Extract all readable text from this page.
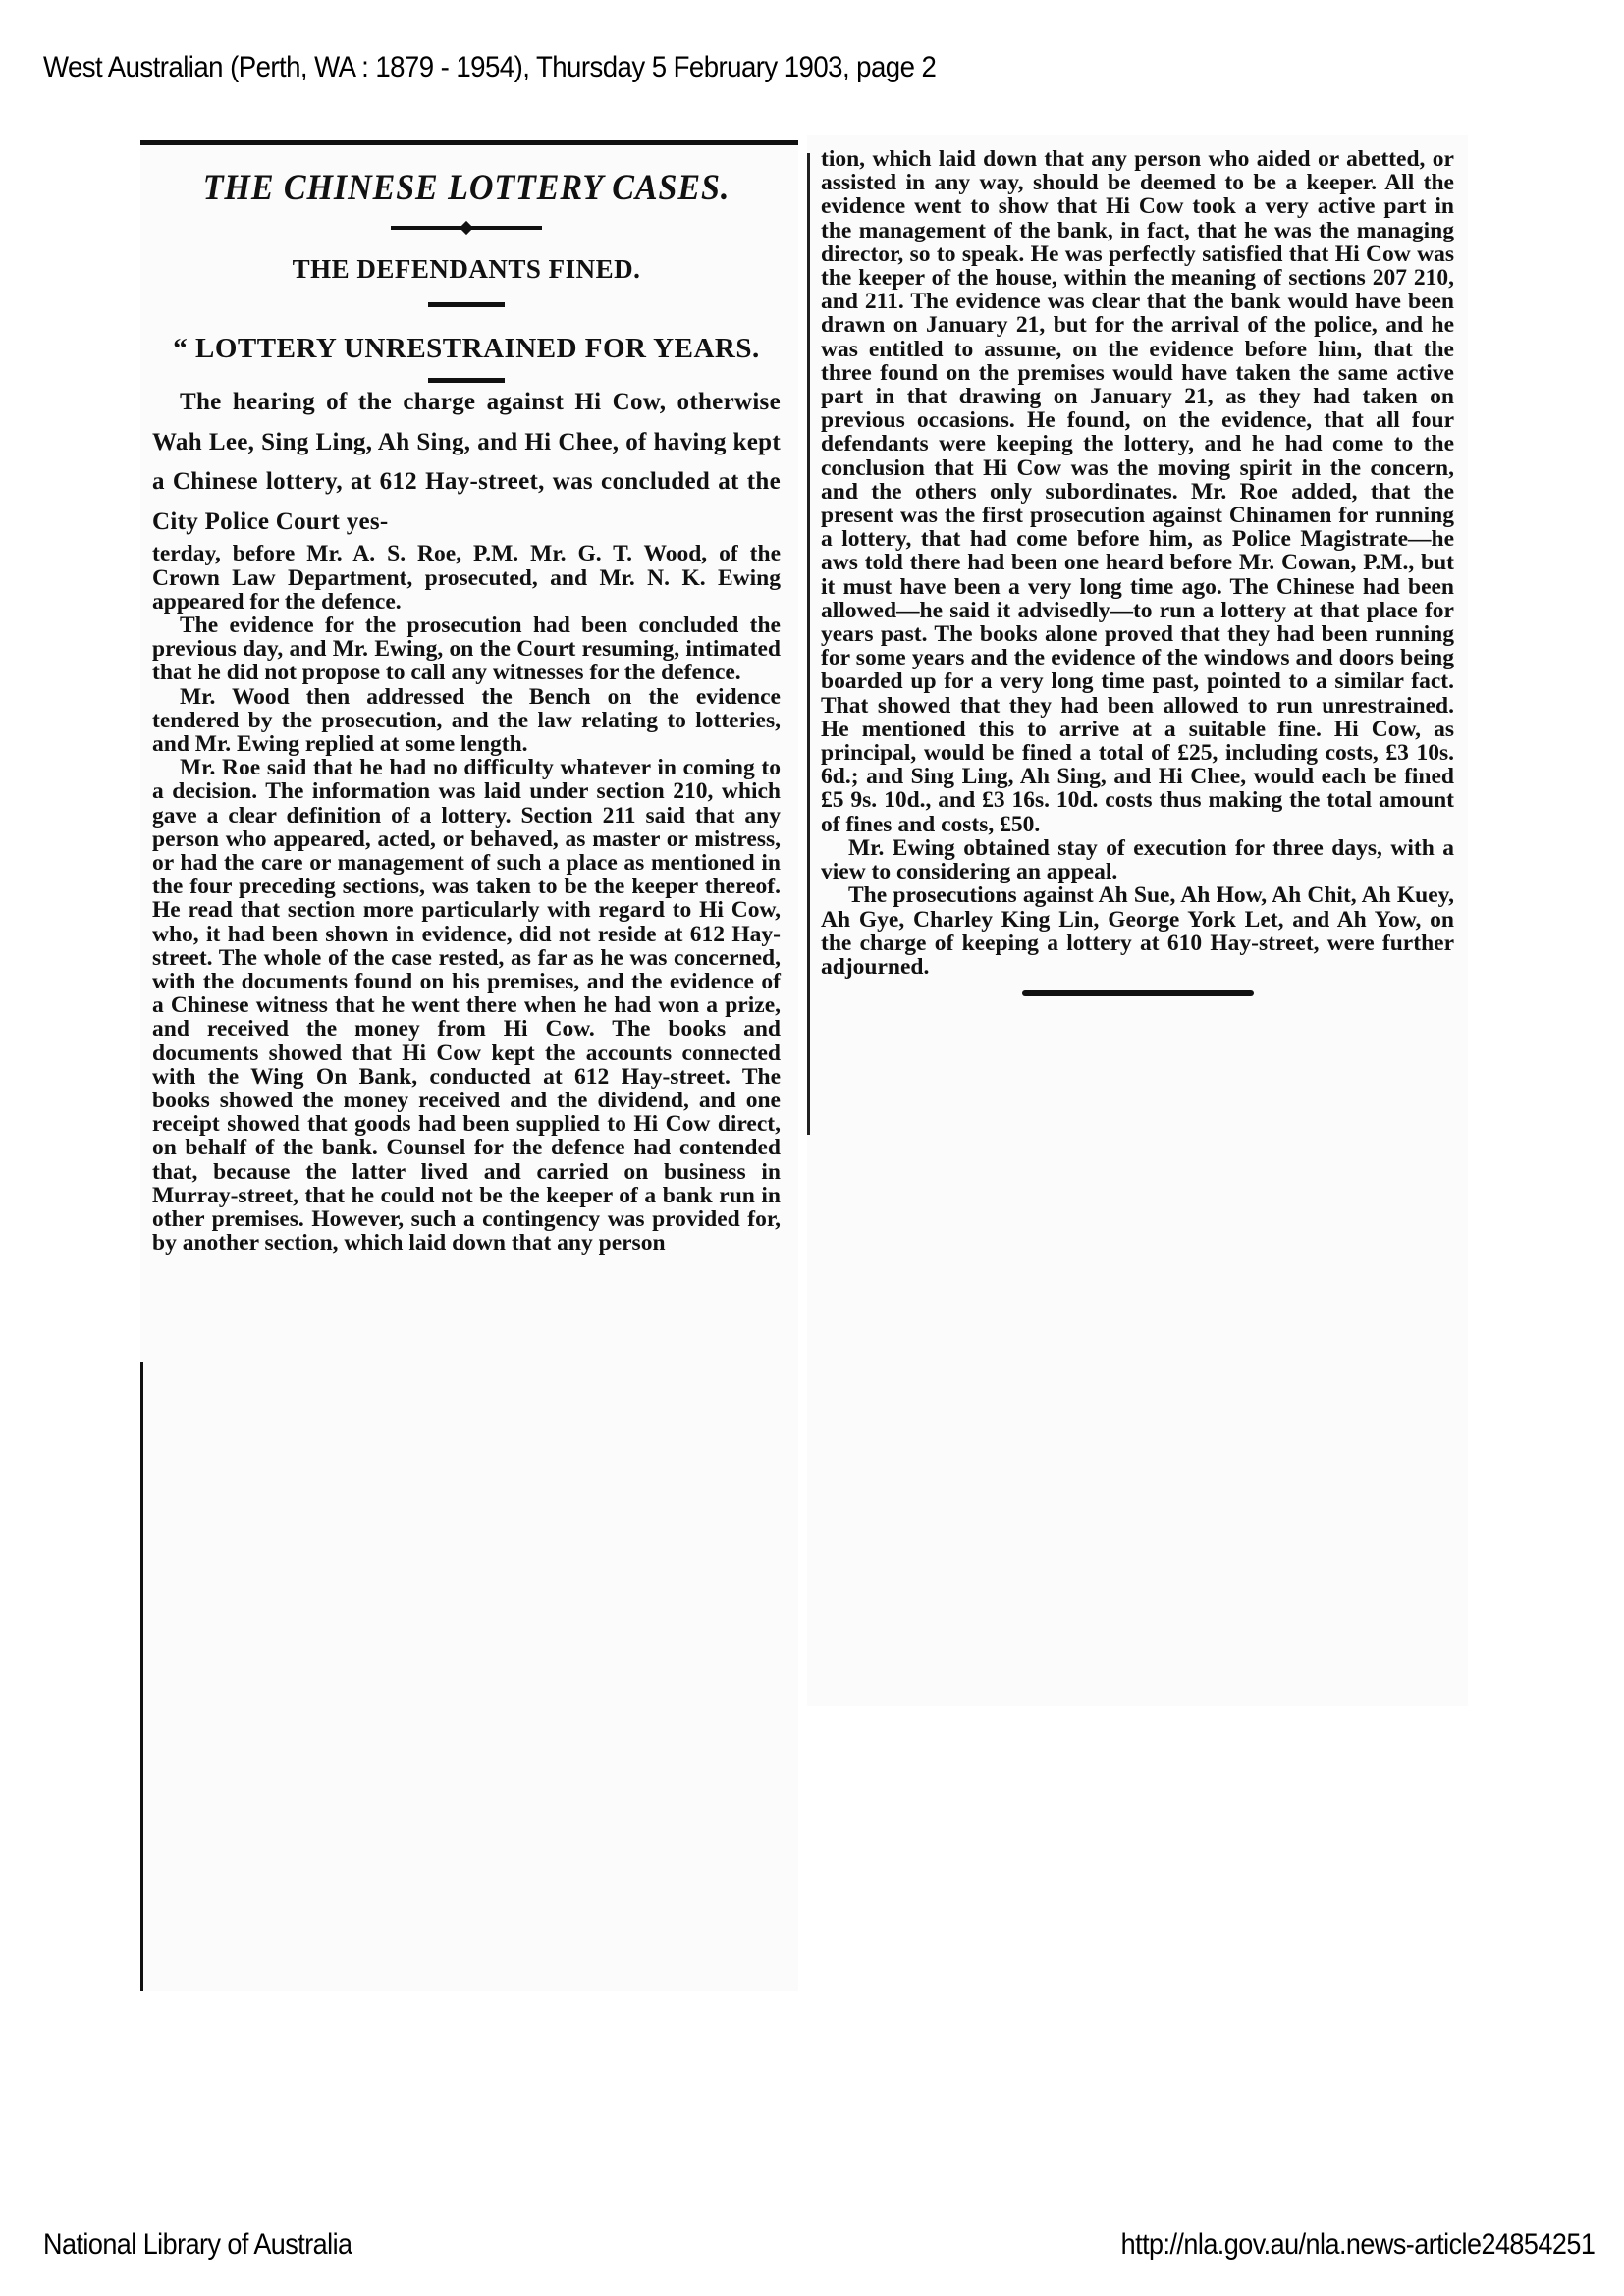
West Australian (Perth, WA : 1879 - 1954), Thursday 5 February 1903, page 2
THE CHINESE LOTTERY CASES.
THE DEFENDANTS FINED.
“ LOTTERY UNRESTRAINED FOR YEARS.

The hearing of the charge against Hi Cow, otherwise Wah Lee, Sing Ling, Ah Sing, and Hi Chee, of having kept a Chinese lottery, at 612 Hay-street, was concluded at the City Police Court yes-

terday, before Mr. A. S. Roe, P.M. Mr. G. T. Wood, of the Crown Law Department, prosecuted, and Mr. N. K. Ewing appeared for the defence.

The evidence for the prosecution had been concluded the previous day, and Mr. Ewing, on the Court resuming, intimated that he did not propose to call any witnesses for the defence.

Mr. Wood then addressed the Bench on the evidence tendered by the prosecution, and the law relating to lotteries, and Mr. Ewing replied at some length.

Mr. Roe said that he had no difficulty whatever in coming to a decision. The information was laid under section 210, which gave a clear definition of a lottery. Section 211 said that any person who appeared, acted, or behaved, as master or mistress, or had the care or management of such a place as mentioned in the four preceding sections, was taken to be the keeper thereof. He read that section more particularly with regard to Hi Cow, who, it had been shown in evidence, did not reside at 612 Hay-street. The whole of the case rested, as far as he was concerned, with the documents found on his premises, and the evidence of a Chinese witness that he went there when he had won a prize, and received the money from Hi Cow. The books and documents showed that Hi Cow kept the accounts connected with the Wing On Bank, conducted at 612 Hay-street. The books showed the money received and the dividend, and one receipt showed that goods had been supplied to Hi Cow direct, on behalf of the bank. Counsel for the defence had contended that, because the latter lived and carried on business in Murray-street, that he could not be the keeper of a bank run in other premises. However, such a contingency was provided for, by another section, which laid down that any person

tion, which laid down that any person who aided or abetted, or assisted in any way, should be deemed to be a keeper. All the evidence went to show that Hi Cow took a very active part in the management of the bank, in fact, that he was the managing director, so to speak. He was perfectly satisfied that Hi Cow was the keeper of the house, within the meaning of sections 207 210, and 211. The evidence was clear that the bank would have been drawn on January 21, but for the arrival of the police, and he was entitled to assume, on the evidence before him, that the three found on the premises would have taken the same active part in that drawing on January 21, as they had taken on previous occasions. He found, on the evidence, that all four defendants were keeping the lottery, and he had come to the conclusion that Hi Cow was the moving spirit in the concern, and the others only subordinates. Mr. Roe added, that the present was the first prosecution against Chinamen for running a lottery, that had come before him, as Police Magistrate—he aws told there had been one heard before Mr. Cowan, P.M., but it must have been a very long time ago. The Chinese had been allowed—he said it advisedly—to run a lottery at that place for years past. The books alone proved that they had been running for some years and the evidence of the windows and doors being boarded up for a very long time past, pointed to a similar fact. That showed that they had been allowed to run unrestrained. He mentioned this to arrive at a suitable fine. Hi Cow, as principal, would be fined a total of £25, including costs, £3 10s. 6d.; and Sing Ling, Ah Sing, and Hi Chee, would each be fined £5 9s. 10d., and £3 16s. 10d. costs thus making the total amount of fines and costs, £50.

Mr. Ewing obtained stay of execution for three days, with a view to considering an appeal.

The prosecutions against Ah Sue, Ah How, Ah Chit, Ah Kuey, Ah Gye, Charley King Lin, George York Let, and Ah Yow, on the charge of keeping a lottery at 610 Hay-street, were further adjourned.

National Library of Australia	http://nla.gov.au/nla.news-article24854251
